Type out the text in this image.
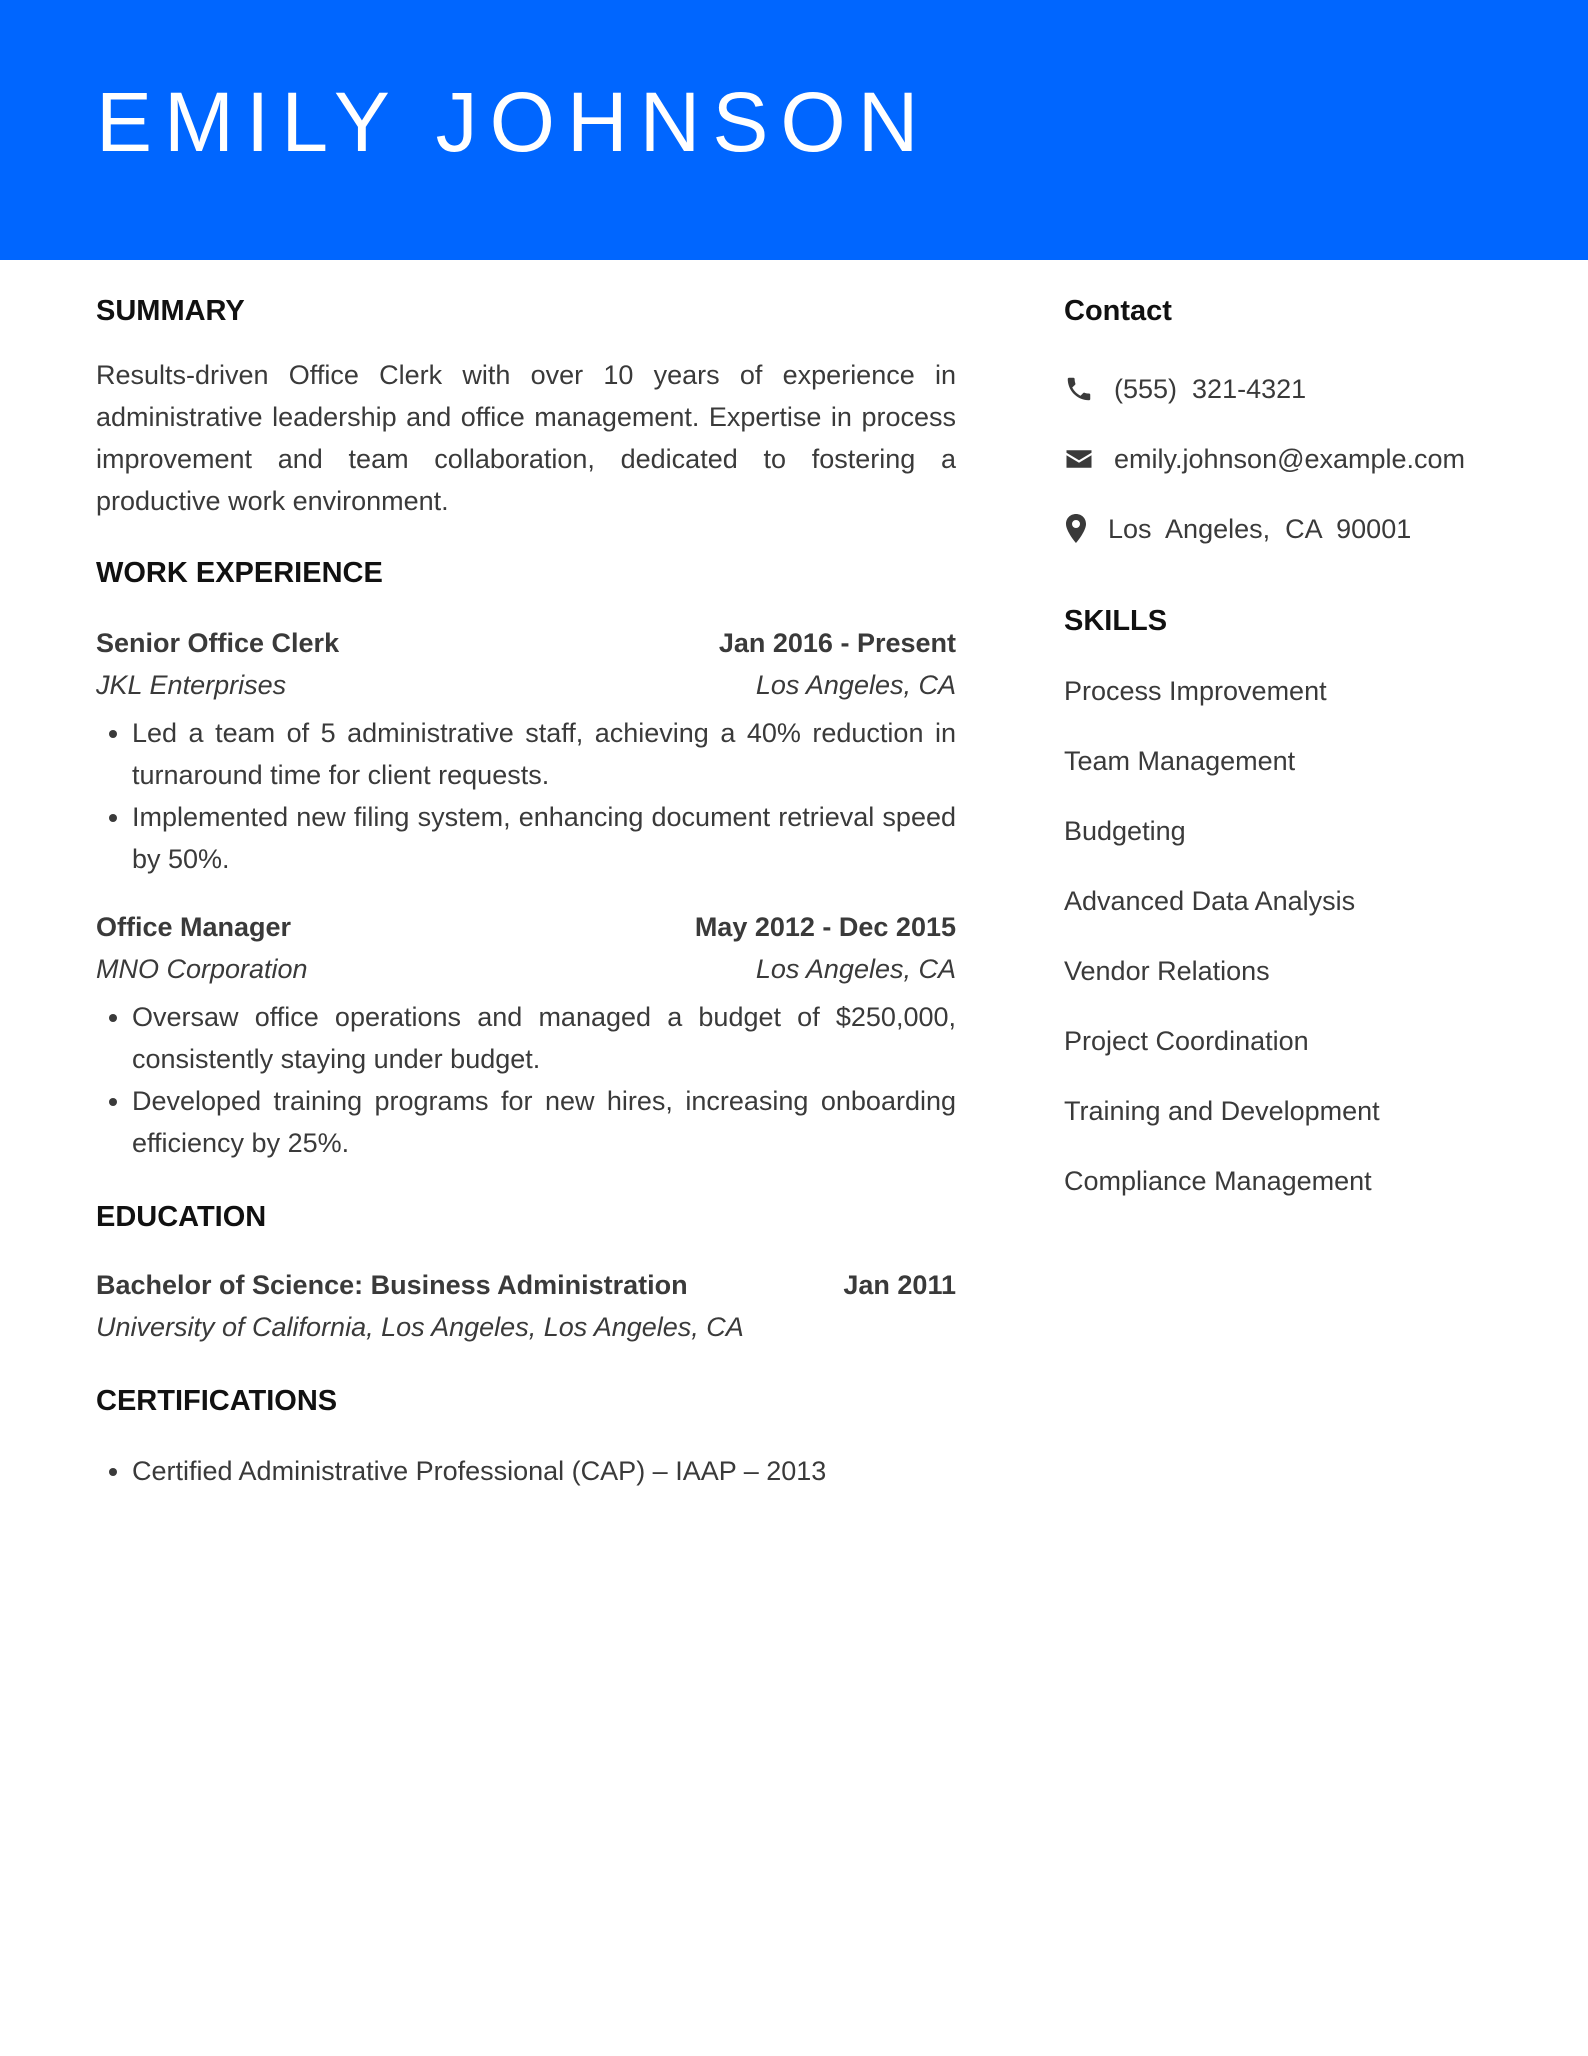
EMILY JOHNSON
SUMMARY

Results-driven Office Clerk with over 10 years of experience in administrative leadership and office management. Expertise in process improvement and team collaboration, dedicated to fostering a productive work environment.

WORK EXPERIENCE
Senior Office Clerk	Jan 2016 - Present
JKL Enterprises	Los Angeles, CA
• Led a team of 5 administrative staff, achieving a 40% reduction in turnaround time for client requests.
• Implemented new filing system, enhancing document retrieval speed by 50%.
Office Manager	May 2012 - Dec 2015
MNO Corporation	Los Angeles, CA
• Oversaw office operations and managed a budget of $250,000, consistently staying under budget.
• Developed training programs for new hires, increasing onboarding efficiency by 25%.
EDUCATION
Bachelor of Science: Business Administration	Jan 2011
University of California, Los Angeles, Los Angeles, CA
CERTIFICATIONS
• Certified Administrative Professional (CAP) – IAAP – 2013
Contact
(555)  321-4321
emily.johnson@example.com
Los  Angeles,  CA  90001
SKILLS

Process Improvement

Team Management

Budgeting

Advanced Data Analysis

Vendor Relations

Project Coordination

Training and Development

Compliance Management
